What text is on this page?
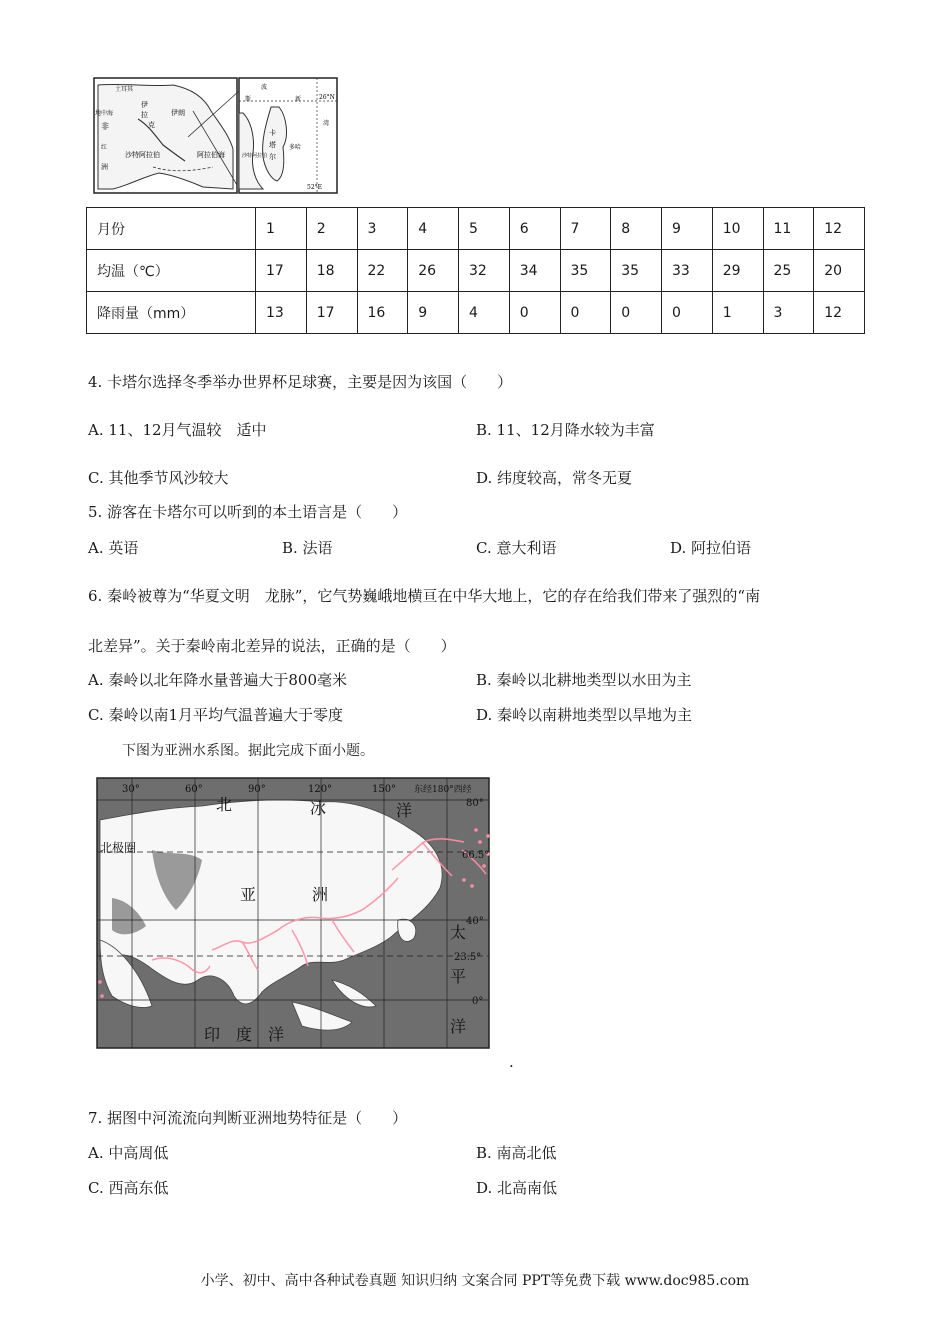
土耳其
地中海
伊
拉
克
伊朗
非
红
洲
沙特阿拉伯	阿拉伯海
波
斯
湾
新
多哈
卡
塔
尔
沙特阿拉伯
26°N
52°E
月份	1	2	3	4	5	6	7	8	9	10	11	12
均温（℃）	17	18	22	26	32	34	35	35	33	29	25	20
降雨量（mm）	13	17	16	9	4	0	0	0	0	1	3	12
4. 卡塔尔选择冬季举办世界杯足球赛，主要是因为该国（　　）
A. 11、12月气温较　适中	B. 11、12月降水较为丰富
C. 其他季节风沙较大	D. 纬度较高，常冬无夏
5. 游客在卡塔尔可以听到的本土语言是（　　）
A. 英语	B. 法语	C. 意大利语	D. 阿拉伯语
6. 秦岭被尊为“华夏文明　龙脉”，它气势巍峨地横亘在中华大地上，它的存在给我们带来了强烈的“南
北差异”。关于秦岭南北差异的说法，正确的是（　　）
A. 秦岭以北年降水量普遍大于800毫米	B. 秦岭以北耕地类型以水田为主
C. 秦岭以南1月平均气温普遍大于零度	D. 秦岭以南耕地类型以旱地为主
下图为亚洲水系图。据此完成下面小题。
30°	60°	90°	120°	150° 东经180°西经
80°
66.5°
40°
23.5°
0°
北	冰	洋
北极圈
亚	洲
太
平
洋
印　度　洋
.
7. 据图中河流流向判断亚洲地势特征是（　　）
A. 中高周低	B. 南高北低
C. 西高东低	D. 北高南低
小学、初中、高中各种试卷真题 知识归纳 文案合同 PPT等免费下载 www.doc985.com
